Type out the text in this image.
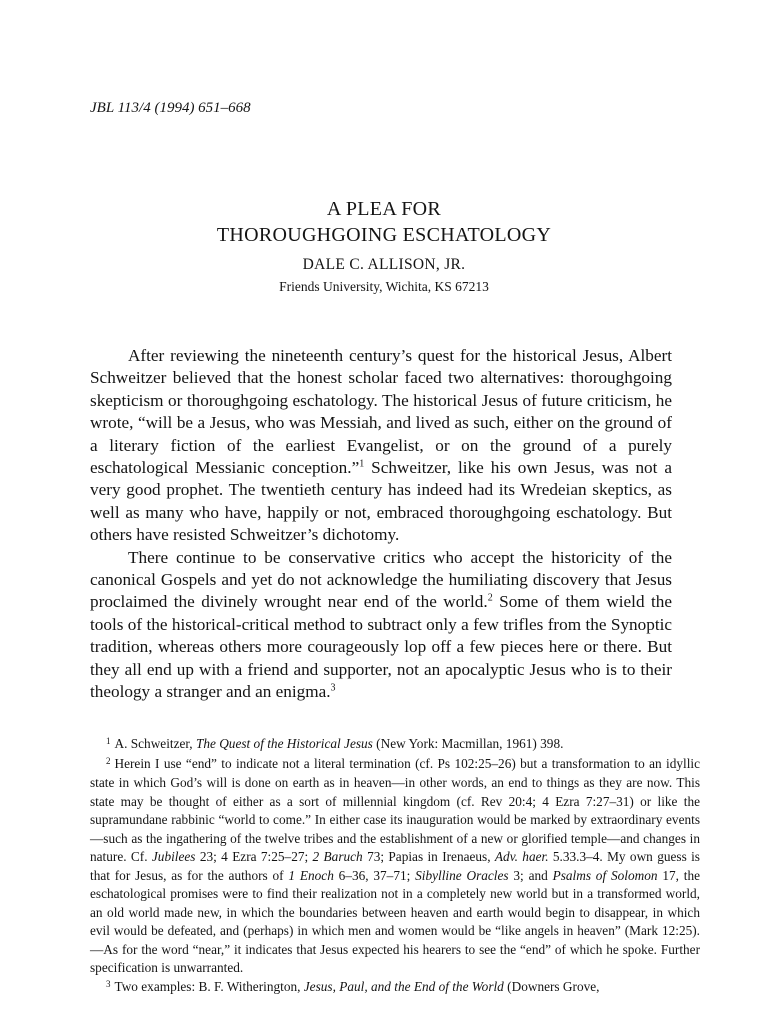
JBL 113/4 (1994) 651–668
A PLEA FOR
THOROUGHGOING ESCHATOLOGY
DALE C. ALLISON, JR.
Friends University, Wichita, KS 67213

After reviewing the nineteenth century’s quest for the historical Jesus, Albert Schweitzer believed that the honest scholar faced two alternatives: thoroughgoing skepticism or thoroughgoing eschatology. The historical Jesus of future criticism, he wrote, “will be a Jesus, who was Messiah, and lived as such, either on the ground of a literary fiction of the earliest Evangelist, or on the ground of a purely eschatological Messianic conception.”$^1$ Schweitzer, like his own Jesus, was not a very good prophet. The twentieth century has indeed had its Wredeian skeptics, as well as many who have, happily or not, embraced thoroughgoing eschatology. But others have resisted Schweitzer’s dichotomy.

There continue to be conservative critics who accept the historicity of the canonical Gospels and yet do not acknowledge the humiliating discovery that Jesus proclaimed the divinely wrought near end of the world.$^2$ Some of them wield the tools of the historical-critical method to subtract only a few trifles from the Synoptic tradition, whereas others more courageously lop off a few pieces here or there. But they all end up with a friend and supporter, not an apocalyptic Jesus who is to their theology a stranger and an enigma.$^3$

$^1$ A. Schweitzer, The Quest of the Historical Jesus (New York: Macmillan, 1961) 398.

$^2$ Herein I use “end” to indicate not a literal termination (cf. Ps 102:25–26) but a transformation to an idyllic state in which God’s will is done on earth as in heaven—in other words, an end to things as they are now. This state may be thought of either as a sort of millennial kingdom (cf. Rev 20:4; 4 Ezra 7:27–31) or like the supramundane rabbinic “world to come.” In either case its inauguration would be marked by extraordinary events—such as the ingathering of the twelve tribes and the establishment of a new or glorified temple—and changes in nature. Cf. Jubilees 23; 4 Ezra 7:25–27; 2 Baruch 73; Papias in Irenaeus, Adv. haer. 5.33.3–4. My own guess is that for Jesus, as for the authors of 1 Enoch 6–36, 37–71; Sibylline Oracles 3; and Psalms of Solomon 17, the eschatological promises were to find their realization not in a completely new world but in a transformed world, an old world made new, in which the boundaries between heaven and earth would begin to disappear, in which evil would be defeated, and (perhaps) in which men and women would be “like angels in heaven” (Mark 12:25).—As for the word “near,” it indicates that Jesus expected his hearers to see the “end” of which he spoke. Further specification is unwarranted.

$^3$ Two examples: B. F. Witherington, Jesus, Paul, and the End of the World (Downers Grove,
